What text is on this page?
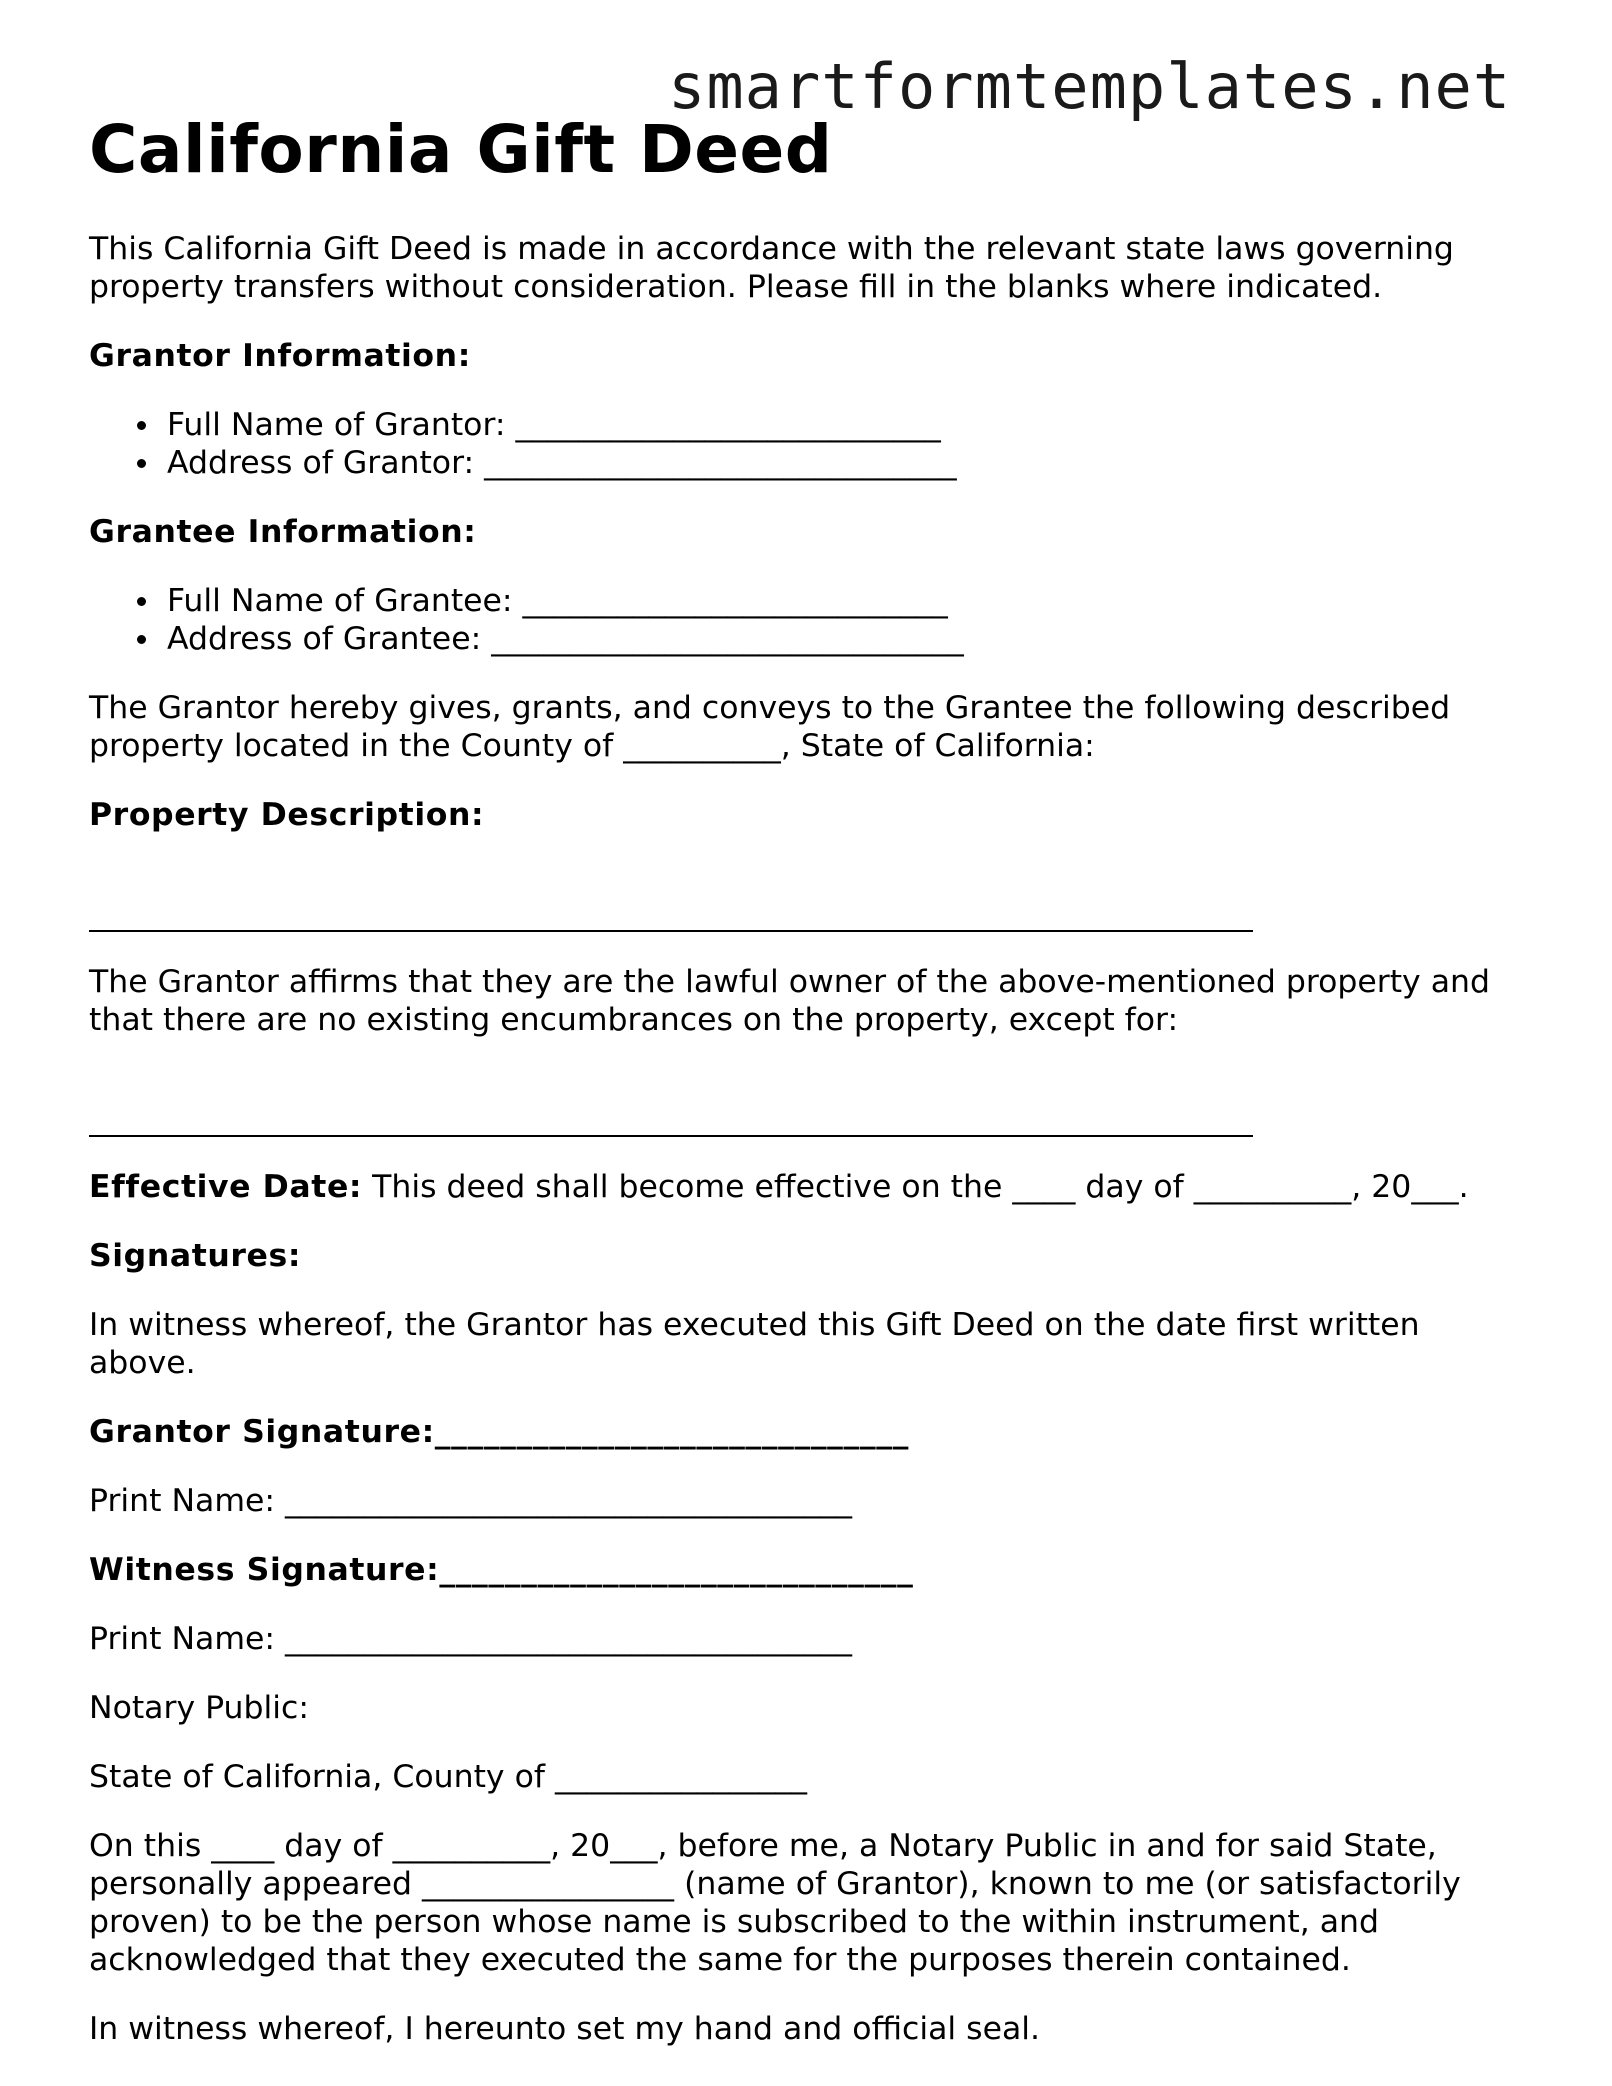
smartformtemplates.net
California Gift Deed

This California Gift Deed is made in accordance with the relevant state laws governing property transfers without consideration. Please fill in the blanks where indicated.

Grantor Information:

Full Name of Grantor: ___________________________
Address of Grantor: ______________________________

Grantee Information:

Full Name of Grantee: ___________________________
Address of Grantee: ______________________________

The Grantor hereby gives, grants, and conveys to the Grantee the following described property located in the County of __________, State of California:

Property Description:

The Grantor affirms that they are the lawful owner of the above-mentioned property and that there are no existing encumbrances on the property, except for:

Effective Date: This deed shall become effective on the ____ day of __________, 20___.

Signatures:

In witness whereof, the Grantor has executed this Gift Deed on the date first written above.

Grantor Signature:_____________________________

Print Name: ____________________________________

Witness Signature:_____________________________

Print Name: ____________________________________

Notary Public:

State of California, County of ________________

On this ____ day of __________, 20___, before me, a Notary Public in and for said State, personally appeared ________________ (name of Grantor), known to me (or satisfactorily proven) to be the person whose name is subscribed to the within instrument, and acknowledged that they executed the same for the purposes therein contained.

In witness whereof, I hereunto set my hand and official seal.
